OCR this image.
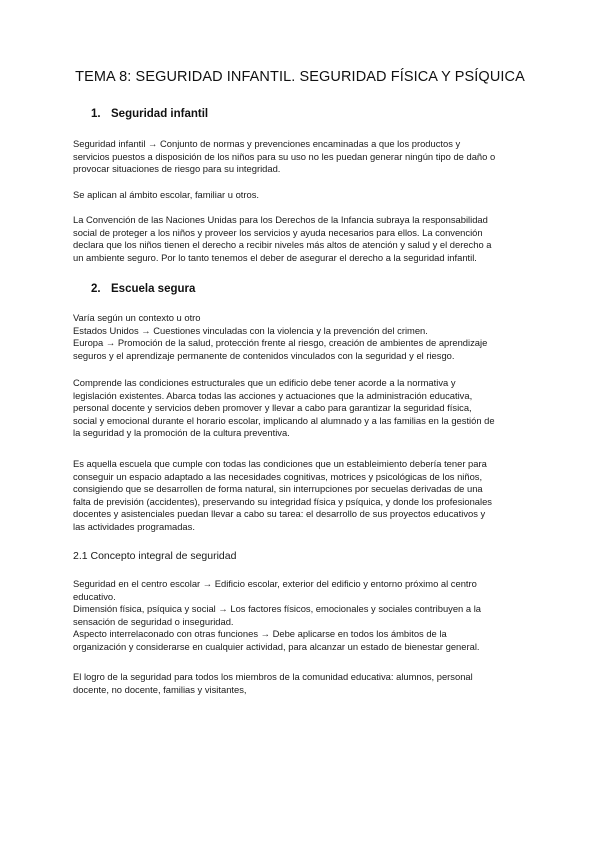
TEMA 8: SEGURIDAD INFANTIL. SEGURIDAD FÍSICA Y PSÍQUICA
1. Seguridad infantil

Seguridad infantil → Conjunto de normas y prevenciones encaminadas a que los productos y
servicios puestos a disposición de los niños para su uso no les puedan generar ningún tipo de daño o
provocar situaciones de riesgo para su integridad.

Se aplican al ámbito escolar, familiar u otros.

La Convención de las Naciones Unidas para los Derechos de la Infancia subraya la responsabilidad
social de proteger a los niños y proveer los servicios y ayuda necesarios para ellos. La convención
declara que los niños tienen el derecho a recibir niveles más altos de atención y salud y el derecho a
un ambiente seguro. Por lo tanto tenemos el deber de asegurar el derecho a la seguridad infantil.

2. Escuela segura

Varía según un contexto u otro
Estados Unidos → Cuestiones vinculadas con la violencia y la prevención del crimen.
Europa → Promoción de la salud, protección frente al riesgo, creación de ambientes de aprendizaje
seguros y el aprendizaje permanente de contenidos vinculados con la seguridad y el riesgo.

Comprende las condiciones estructurales que un edificio debe tener acorde a la normativa y
legislación existentes. Abarca todas las acciones y actuaciones que la administración educativa,
personal docente y servicios deben promover y llevar a cabo para garantizar la seguridad física,
social y emocional durante el horario escolar, implicando al alumnado y a las familias en la gestión de
la seguridad y la promoción de la cultura preventiva.

Es aquella escuela que cumple con todas las condiciones que un estableimiento debería tener para
conseguir un espacio adaptado a las necesidades cognitivas, motrices y psicológicas de los niños,
consigiendo que se desarrollen de forma natural, sin interrupciones por secuelas derivadas de una
falta de previsión (accidentes), preservando su integridad física y psíquica, y donde los profesionales
docentes y asistenciales puedan llevar a cabo su tarea: el desarrollo de sus proyectos educativos y
las actividades programadas.

2.1 Concepto integral de seguridad

Seguridad en el centro escolar → Edificio escolar, exterior del edificio y entorno próximo al centro
educativo.
Dimensión física, psíquica y social → Los factores físicos, emocionales y sociales contribuyen a la
sensación de seguridad o inseguridad.
Aspecto interrelaconado con otras funciones → Debe aplicarse en todos los ámbitos de la
organización y considerarse en cualquier actividad, para alcanzar un estado de bienestar general.

El logro de la seguridad para todos los miembros de la comunidad educativa: alumnos, personal
docente, no docente, familias y visitantes,
